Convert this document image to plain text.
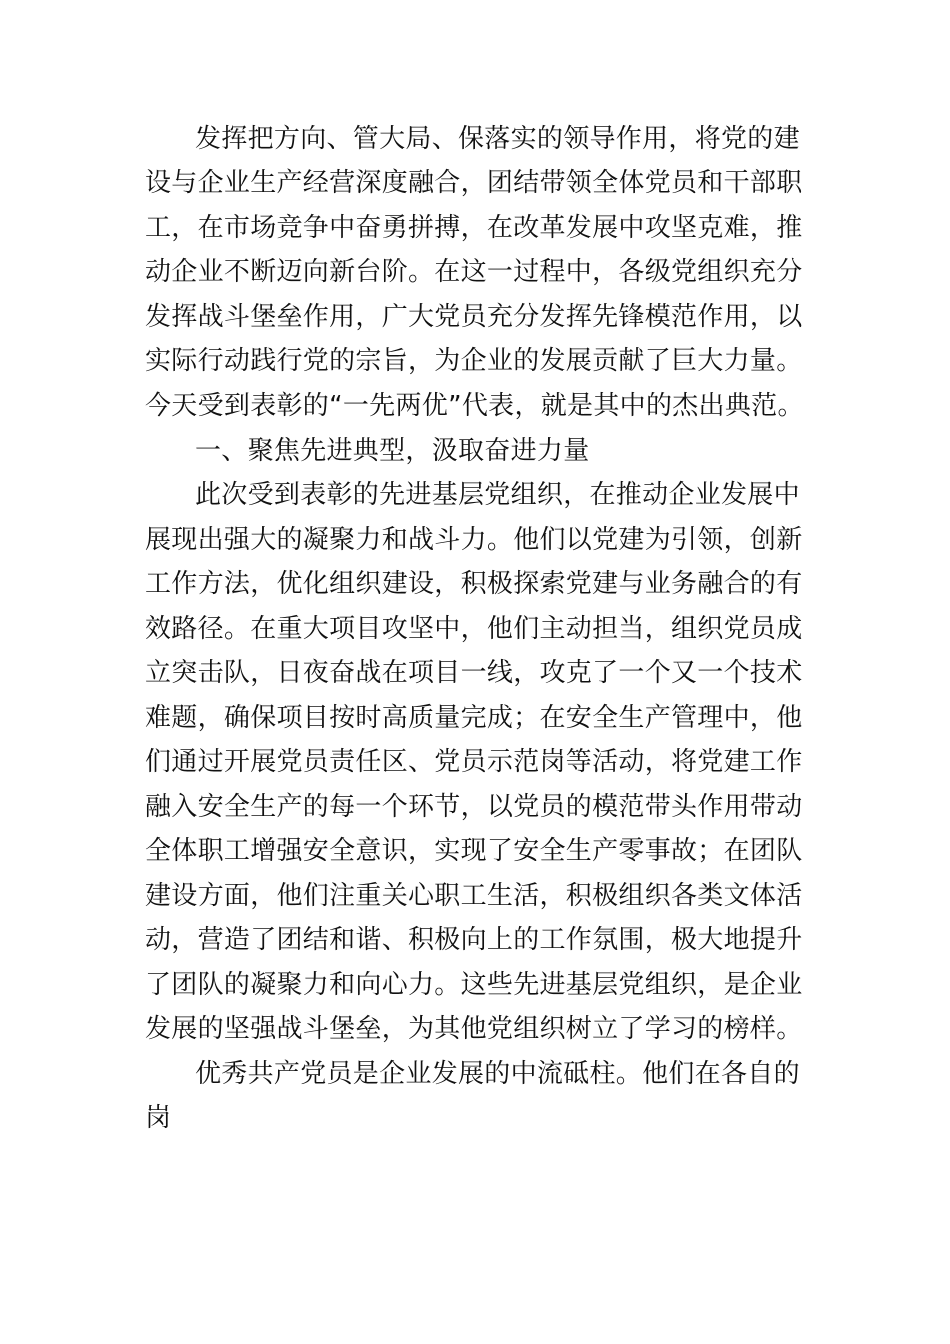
发挥把方向、管大局、保落实的领导作用，将党的建
设与企业生产经营深度融合，团结带领全体党员和干部职
工，在市场竞争中奋勇拼搏，在改革发展中攻坚克难，推
动企业不断迈向新台阶。在这一过程中，各级党组织充分
发挥战斗堡垒作用，广大党员充分发挥先锋模范作用，以
实际行动践行党的宗旨，为企业的发展贡献了巨大力量。
今天受到表彰的“一先两优”代表，就是其中的杰出典范。
一、聚焦先进典型，汲取奋进力量
此次受到表彰的先进基层党组织，在推动企业发展中
展现出强大的凝聚力和战斗力。他们以党建为引领，创新
工作方法，优化组织建设，积极探索党建与业务融合的有
效路径。在重大项目攻坚中，他们主动担当，组织党员成
立突击队，日夜奋战在项目一线，攻克了一个又一个技术
难题，确保项目按时高质量完成；在安全生产管理中，他
们通过开展党员责任区、党员示范岗等活动，将党建工作
融入安全生产的每一个环节，以党员的模范带头作用带动
全体职工增强安全意识，实现了安全生产零事故；在团队
建设方面，他们注重关心职工生活，积极组织各类文体活
动，营造了团结和谐、积极向上的工作氛围，极大地提升
了团队的凝聚力和向心力。这些先进基层党组织，是企业
发展的坚强战斗堡垒，为其他党组织树立了学习的榜样。
优秀共产党员是企业发展的中流砥柱。他们在各自的
岗
